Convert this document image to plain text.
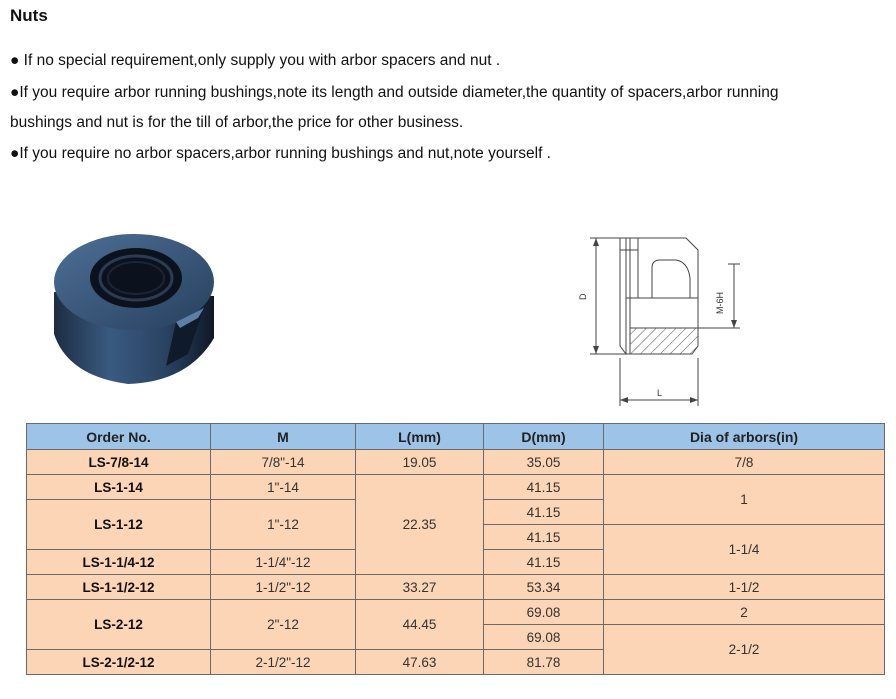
Nuts
● If no special requirement,only supply you with arbor spacers and nut .
●If you require arbor running bushings,note its length and outside diameter,the quantity of spacers,arbor running
bushings and nut is for the till of arbor,the price for other business.
●If you require no arbor spacers,arbor running bushings and nut,note yourself .
D	M-6H
L
Order No.	M	L(mm)	D(mm)	Dia of arbors(in)
LS-7/8-14	7/8"-14	19.05	35.05	7/8
LS-1-14	1"-14	22.35	41.15	1
LS-1-12	1"-12		41.15	
			41.15	1-1/4
LS-1-1/4-12	1-1/4"-12		41.15	
LS-1-1/2-12	1-1/2"-12	33.27	53.34	1-1/2
LS-2-12	2"-12	44.45	69.08	2
			69.08	2-1/2
LS-2-1/2-12	2-1/2"-12	47.63	81.78	
